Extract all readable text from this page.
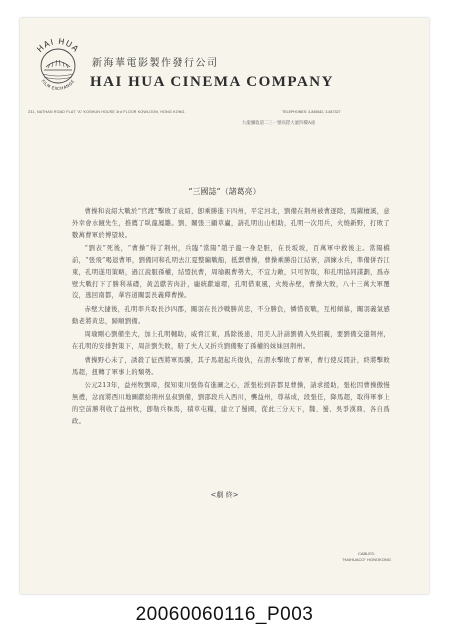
HAI HUA
FILM EXCHANGE
新海華電影製作發行公司
HAI HUA CINEMA COMPANY
231, NATHAN ROAD FLAT "A" KOSHUN HOUSE 3rd FLOOR KOWLOON, HONG KONG.	TELEPHONES: 3-845642, 3-847327
九龍彌敦道二三一號高陞大廈四樓A座
“三國誌”（諸葛亮）

曹操和袁紹大戰於“官渡”擊敗了袁紹，卽乘勝進下四州，平定河北，劉備在荆州被曹逐除，馬躍檀溪，意外幸會水鏡先生，推薦了臥龍鳳雛。劉、關張三顧草廬，請孔明出山相助，孔明一次用兵，火燒新野，打敗了數萬曹軍於博望坡。

“劉表”死後，“曹操”得了荆州，兵臨“當陽”趙子龍一身是胆，在長坂坡，百萬軍中救後主。當陽橋前，“張飛”喝退曹軍，劉備同和孔明去江夏整編戰船，抵禦曹操，曹操乘勝沿江結寨，訓練水兵，準備併吞江東，孔明遂用策略，過江說服孫權，結盟抗曹，周瑜親曹勢大，不宜力敵，只可智取，和孔明協同謀劃，爲赤壁大戰打下了勝利基礎，黃盖獻苦肉計，龐統獻連環，孔明借東風，火燒赤壁，曹操大敗，八十三萬大軍覆沒，逃回南都，華容道關雲長義釋曹操。

赤壁大捷後，孔明率兵取長沙四郡，關羽在長沙戰勝黄忠，不分勝負，憐惜夜戰，互相傾慕，關羽義氣感動老將黄忠，歸順劉備。

周瑜剛心劉備坐大，加上孔明輔助，威脅江東，爲除後患，用美人計請劉備入吳招親，要劉備交還荆州，在孔明的安排對策下，周計劉失敗，賠了夫人又折兵劉備娶了孫權的妹妹回荆州。

曹操野心未了，誘殺了征西將軍馬騰，其子馬超起兵復仇，在渭水擊敗了曹軍，曹行使反間計，終將擊敗馬超，扭轉了軍事上的頹勢。

公元213年，益州牧劉璋，探知東川張魯有進圖之心，派張松到許都見曹操，請求援助，張松因曹操傲慢無禮，忿而將西川地圖獻給荆州皇叔劉備，劉邵段兵入西川，襲益州，尊基成，段張任，降馬超，取得軍事上的空前勝利收了益州牧，卽勒兵秣馬，積草屯糧，建立了蜀國，從此三分天下，魏、蜀、吳爭漢鼎，各自爲政。

<劇 終>
CABLES:
"HAIHUACO" HONGKONG
20060060116_P003
